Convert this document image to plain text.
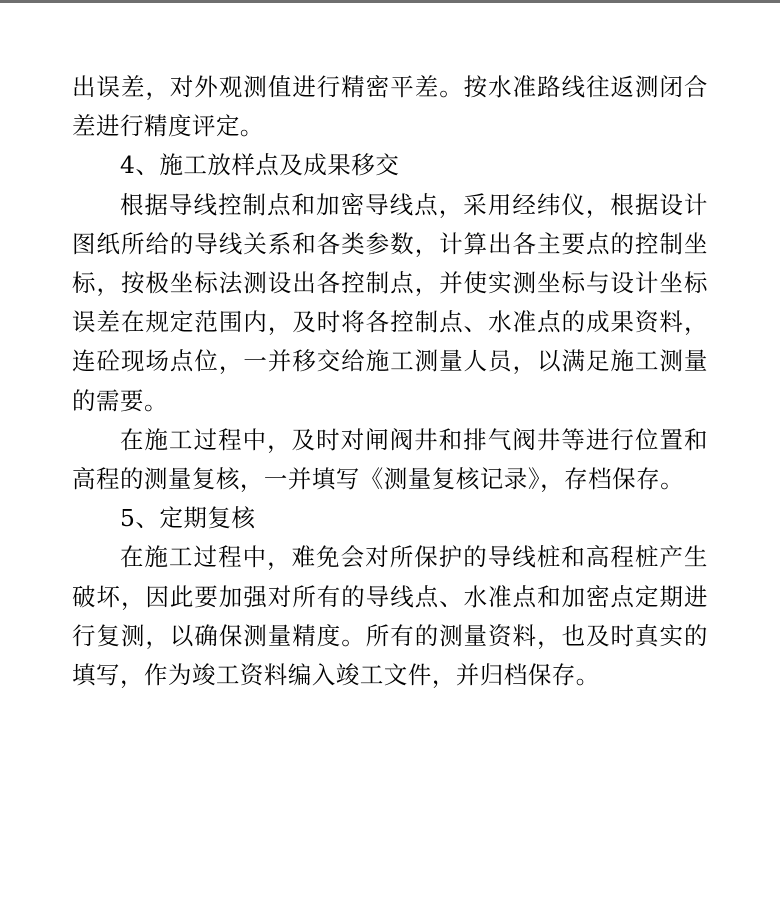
出误差，对外观测值进行精密平差。按水准路线往返测闭合差进行精度评定。

4、施工放样点及成果移交

根据导线控制点和加密导线点，采用经纬仪，根据设计图纸所给的导线关系和各类参数，计算出各主要点的控制坐标，按极坐标法测设出各控制点，并使实测坐标与设计坐标误差在规定范围内，及时将各控制点、水准点的成果资料，连砼现场点位，一并移交给施工测量人员，以满足施工测量的需要。

在施工过程中，及时对闸阀井和排气阀井等进行位置和高程的测量复核，一并填写《测量复核记录》，存档保存。

5、定期复核

在施工过程中，难免会对所保护的导线桩和高程桩产生破坏，因此要加强对所有的导线点、水准点和加密点定期进行复测，以确保测量精度。所有的测量资料，也及时真实的填写，作为竣工资料编入竣工文件，并归档保存。
